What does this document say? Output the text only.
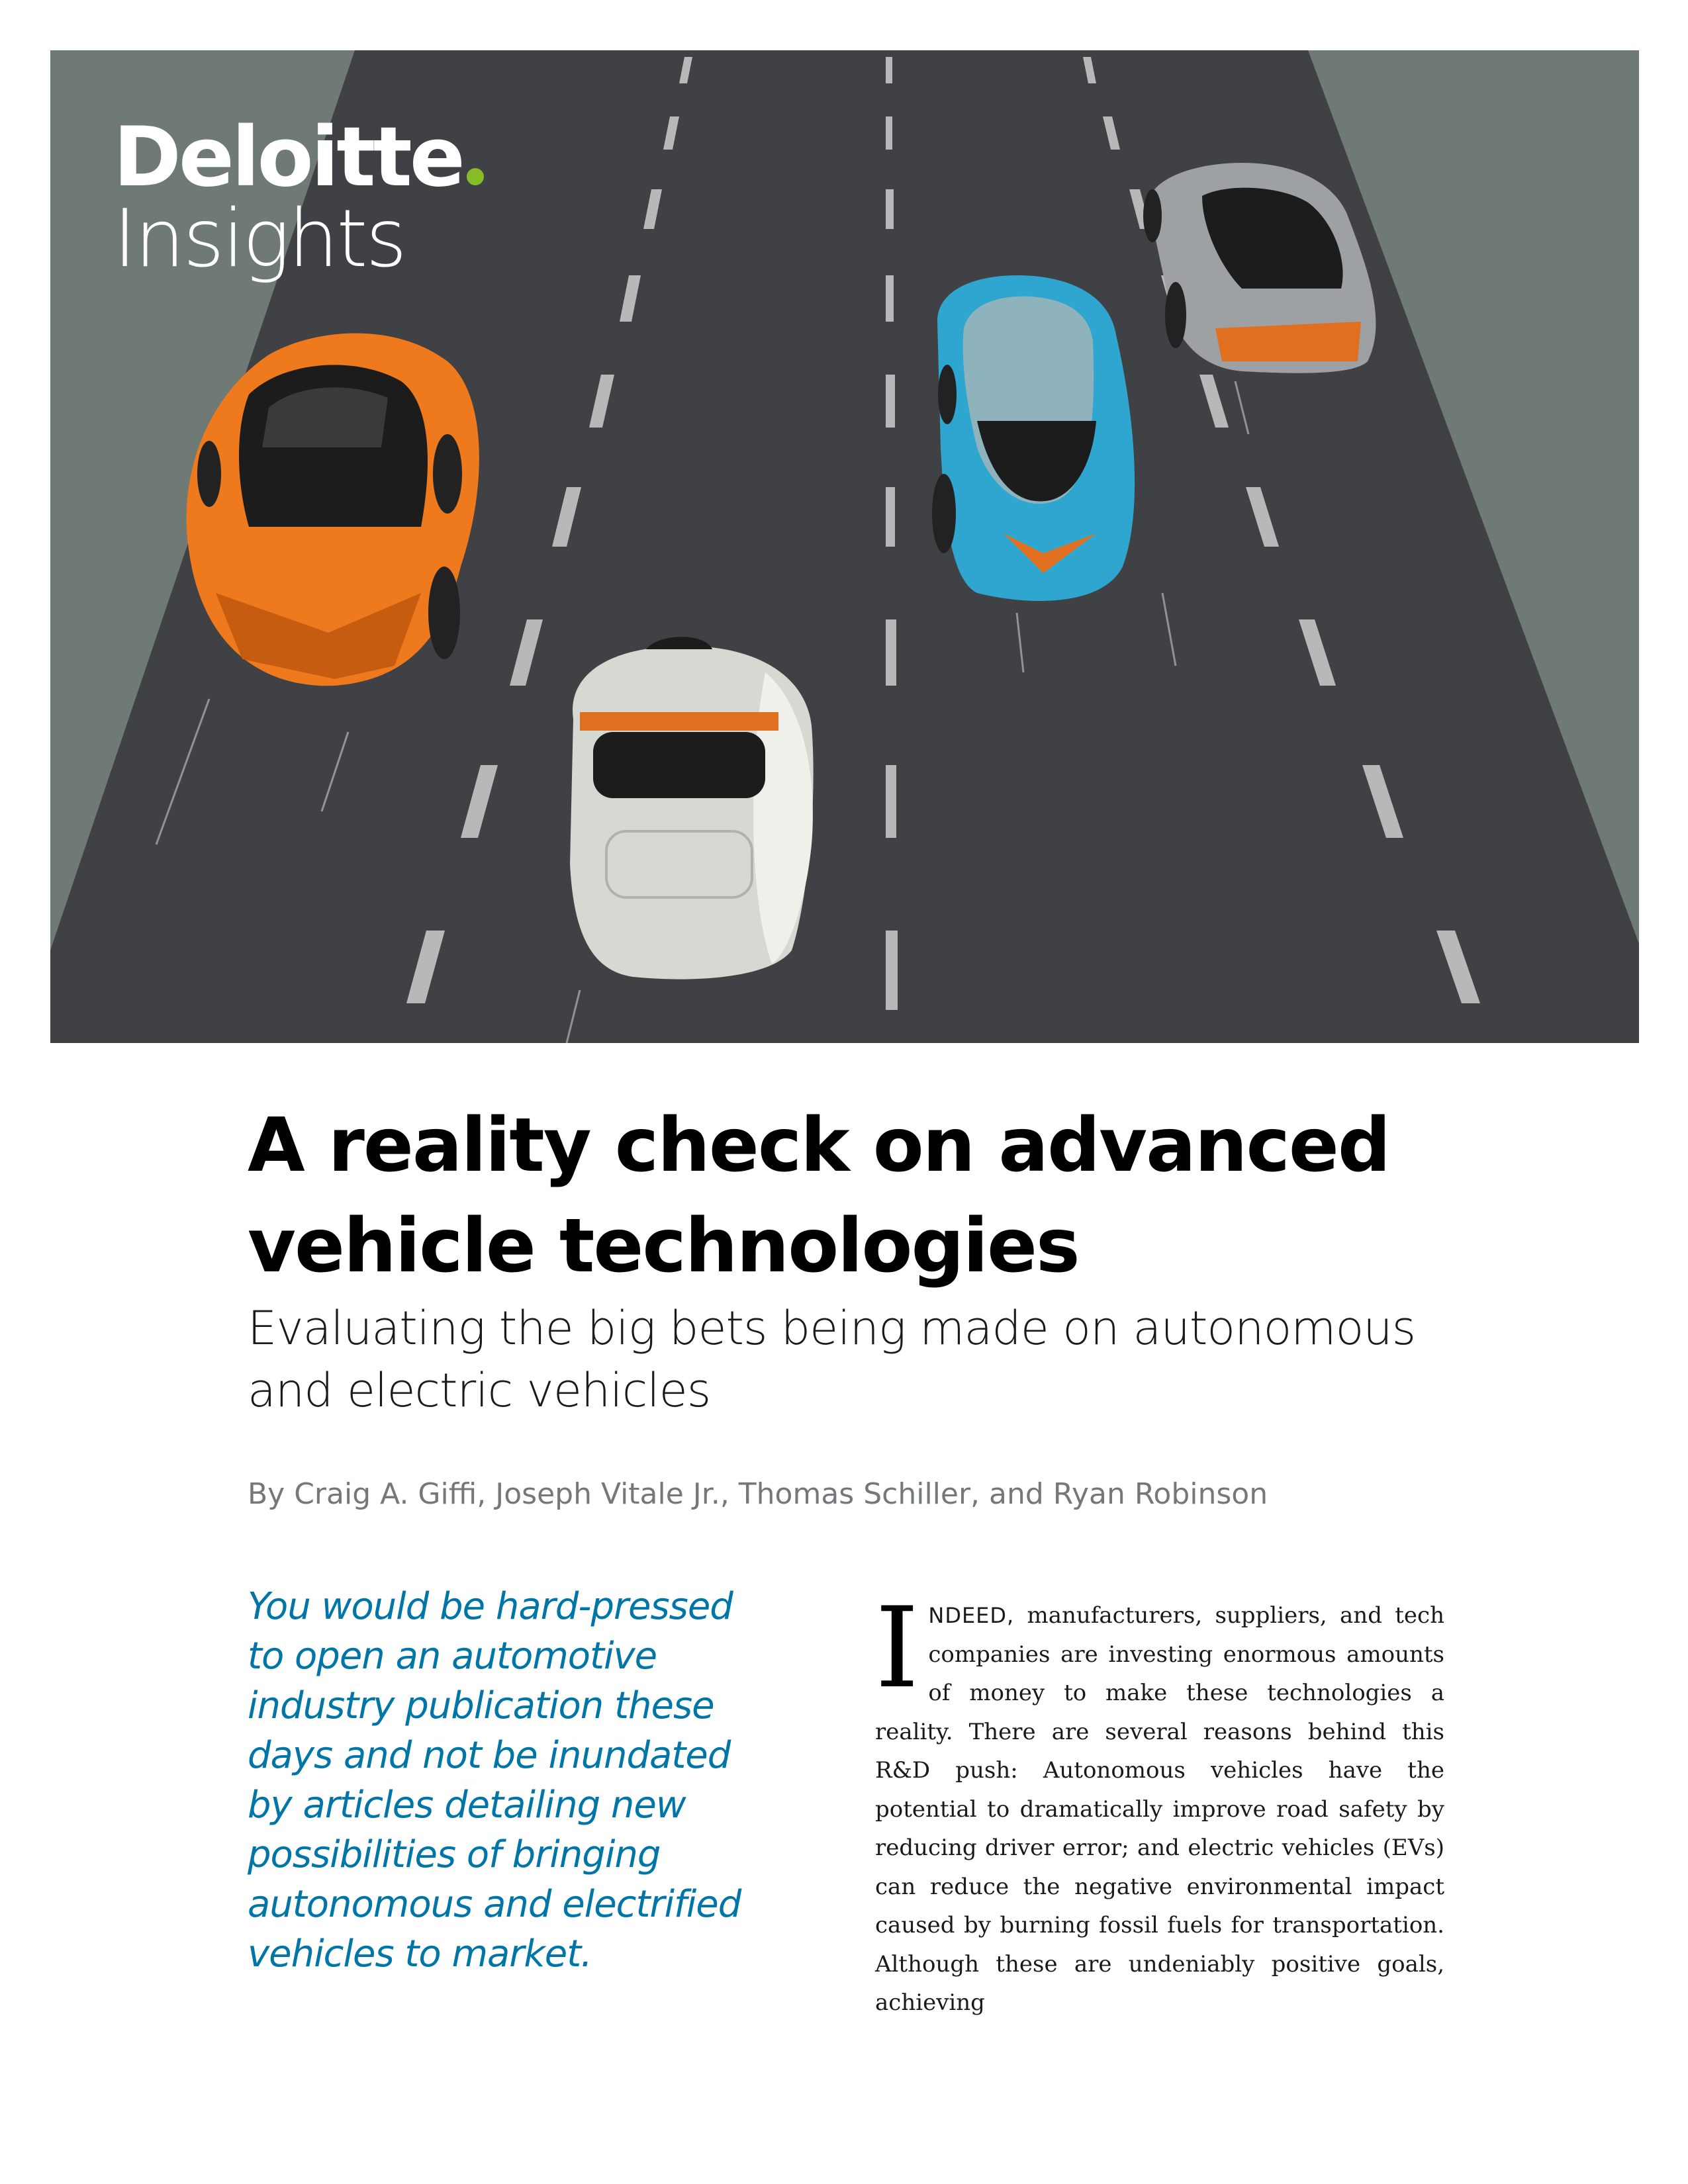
Deloitte
Insights
A reality check on advanced vehicle technologies

Evaluating the big bets being made on autonomous and electric vehicles

By Craig A. Giffi, Joseph Vitale Jr., Thomas Schiller, and Ryan Robinson

You would be hard-pressed to open an automotive industry publication these days and not be inundated by articles detailing new possibilities of bringing autonomous and electrified vehicles to market.

INDEED, manufacturers, suppliers, and tech companies are investing enormous amounts of money to make these technologies a reality. There are several reasons behind this R&D push: Autonomous vehicles have the potential to dramatically improve road safety by reducing driver error; and electric vehicles (EVs) can reduce the negative environmental impact caused by burning fossil fuels for transportation. Although these are undeniably positive goals, achieving
